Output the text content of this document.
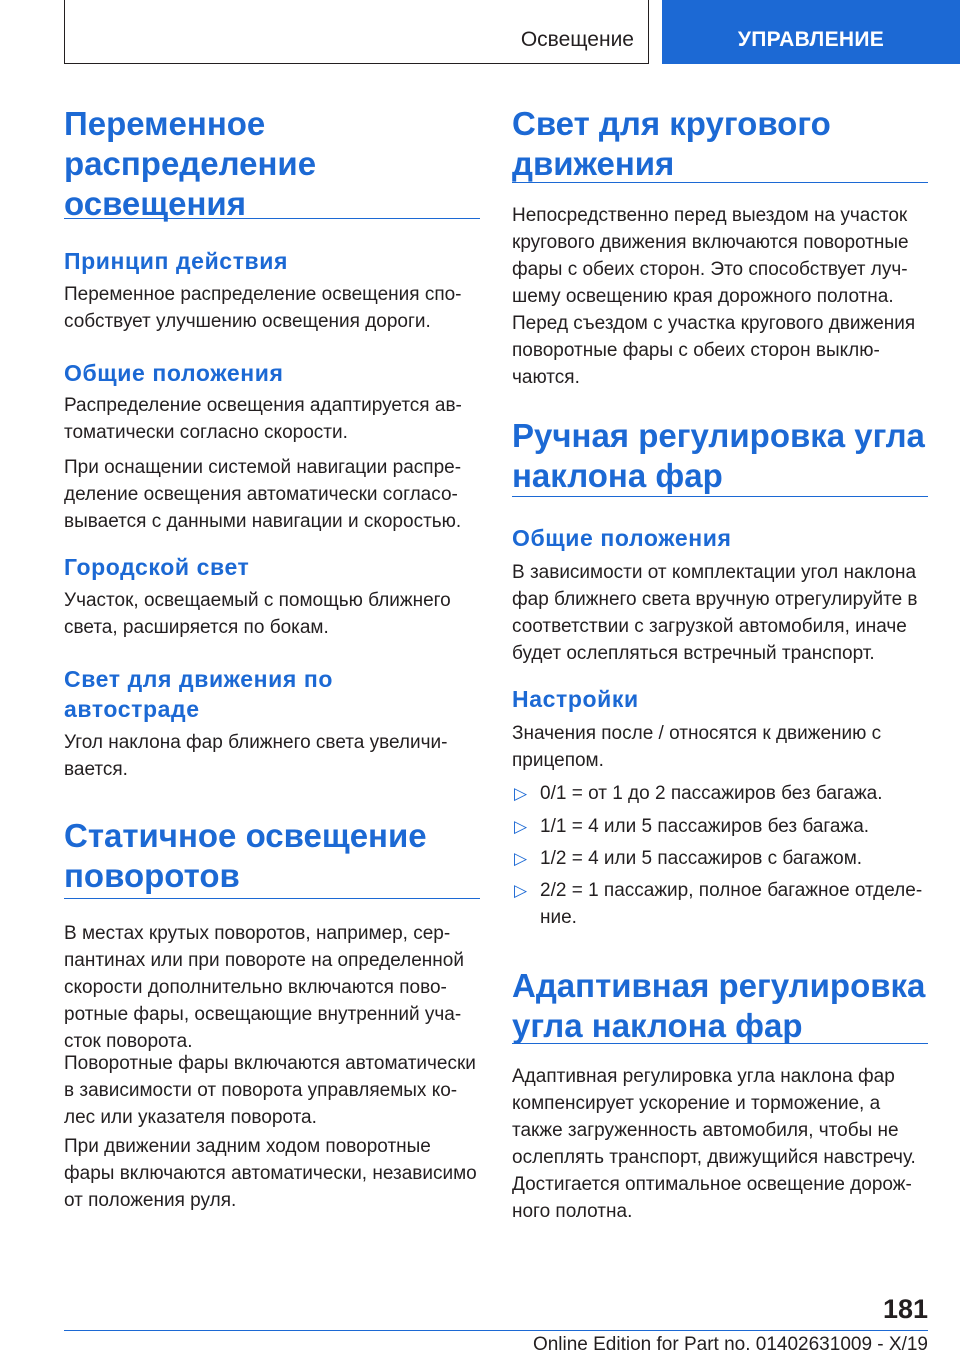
Освещение	УПРАВЛЕНИЕ
Переменное
распределение
освещения
Принцип действия

Переменное распределение освещения спо-
собствует улучшению освещения дороги.

Общие положения

Распределение освещения адаптируется ав-
томатически согласно скорости.

При оснащении системой навигации распре-
деление освещения автоматически согласо-
вывается с данными навигации и скоростью.

Городской свет

Участок, освещаемый с помощью ближнего
света, расширяется по бокам.

Свет для движения по
автостраде

Угол наклона фар ближнего света увеличи-
вается.

Статичное освещение
поворотов

В местах крутых поворотов, например, сер-
пантинах или при повороте на определенной
скорости дополнительно включаются пово-
ротные фары, освещающие внутренний уча-
сток поворота.

Поворотные фары включаются автоматически
в зависимости от поворота управляемых ко-
лес или указателя поворота.

При движении задним ходом поворотные
фары включаются автоматически, независимо
от положения руля.

Свет для кругового
движения

Непосредственно перед выездом на участок
кругового движения включаются поворотные
фары с обеих сторон. Это способствует луч-
шему освещению края дорожного полотна.
Перед съездом с участка кругового движения
поворотные фары с обеих сторон выклю-
чаются.

Ручная регулировка угла
наклона фар
Общие положения

В зависимости от комплектации угол наклона
фар ближнего света вручную отрегулируйте в
соответствии с загрузкой автомобиля, иначе
будет ослепляться встречный транспорт.

Настройки

Значения после / относятся к движению с
прицепом.

▷ 0/1 = от 1 до 2 пассажиров без багажа.
▷ 1/1 = 4 или 5 пассажиров без багажа.
▷ 1/2 = 4 или 5 пассажиров с багажом.
▷ 2/2 = 1 пассажир, полное багажное отделе-
ние.
Адаптивная регулировка
угла наклона фар

Адаптивная регулировка угла наклона фар
компенсирует ускорение и торможение, а
также загруженность автомобиля, чтобы не
ослеплять транспорт, движущийся навстречу.
Достигается оптимальное освещение дорож-
ного полотна.

181
Online Edition for Part no. 01402631009 - X/19
